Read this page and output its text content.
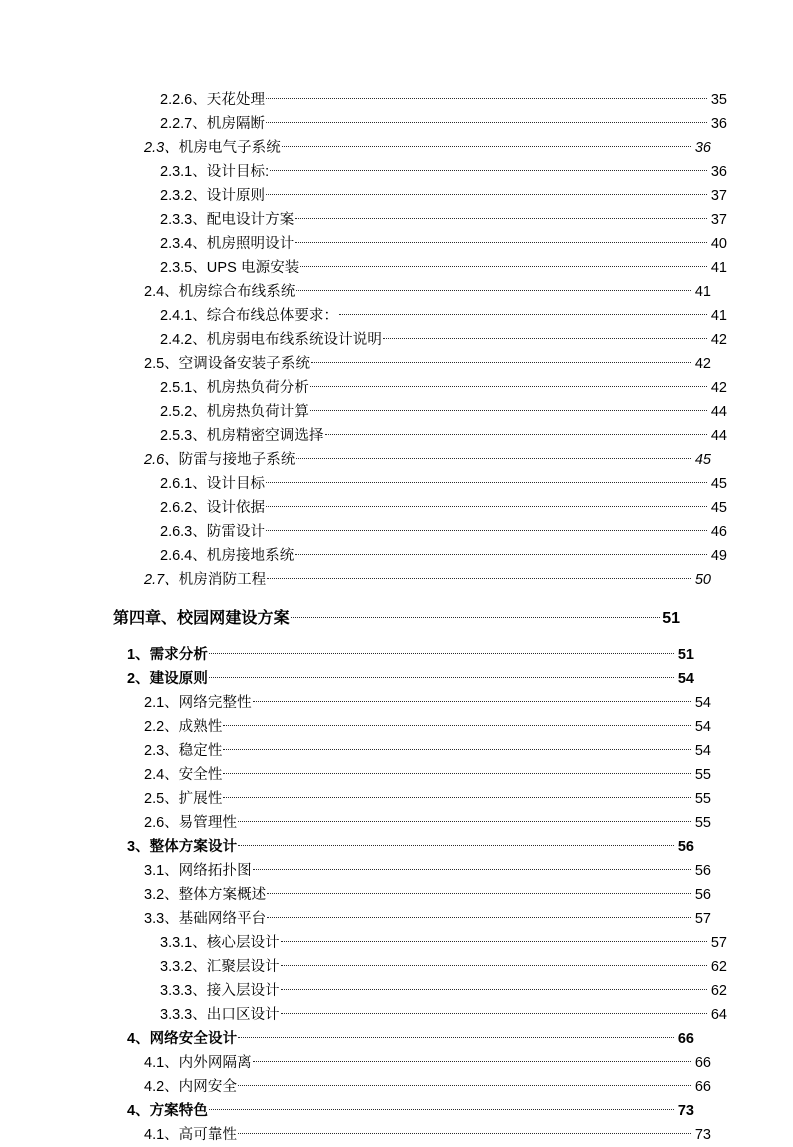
2.2.6、天花处理	35
2.2.7、机房隔断	36
2.3、机房电气子系统	36
2.3.1、设计目标:	36
2.3.2、设计原则	37
2.3.3、配电设计方案	37
2.3.4、机房照明设计	40
2.3.5、UPS 电源安装	41
2.4、机房综合布线系统	41
2.4.1、综合布线总体要求：	41
2.4.2、机房弱电布线系统设计说明	42
2.5、空调设备安装子系统	42
2.5.1、机房热负荷分析	42
2.5.2、机房热负荷计算	44
2.5.3、机房精密空调选择	44
2.6、防雷与接地子系统	45
2.6.1、设计目标	45
2.6.2、设计依据	45
2.6.3、防雷设计	46
2.6.4、机房接地系统	49
2.7、机房消防工程	50
第四章、校园网建设方案	51
1、需求分析	51
2、建设原则	54
2.1、网络完整性	54
2.2、成熟性	54
2.3、稳定性	54
2.4、安全性	55
2.5、扩展性	55
2.6、易管理性	55
3、整体方案设计	56
3.1、网络拓扑图	56
3.2、整体方案概述	56
3.3、基础网络平台	57
3.3.1、核心层设计	57
3.3.2、汇聚层设计	62
3.3.3、接入层设计	62
3.3.3、出口区设计	64
4、网络安全设计	66
4.1、内外网隔离	66
4.2、内网安全	66
4、方案特色	73
4.1、高可靠性	73
